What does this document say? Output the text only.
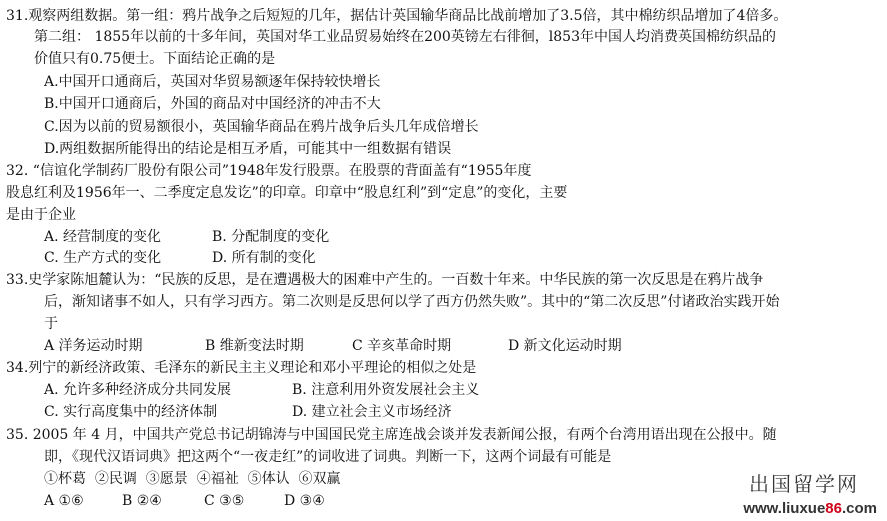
31.观察两组数据。第一组：鸦片战争之后短短的几年，据估计英国输华商品比战前增加了3.5倍，其中棉纺织品增加了4倍多。
第二组： 1855年以前的十多年间，英国对华工业品贸易始终在200英镑左右徘徊，l853年中国人均消费英国棉纺织品的
价值只有0.75便士。下面结论正确的是
A.中国开口通商后，英国对华贸易额逐年保持较快增长
B.中国开口通商后，外国的商品对中国经济的冲击不大
C.因为以前的贸易额很小，英国输华商品在鸦片战争后头几年成倍增长
D.两组数据所能得出的结论是相互矛盾，可能其中一组数据有错误
32. “信谊化学制药厂股份有限公司”1948年发行股票。在股票的背面盖有“1955年度
股息红利及1956年一、二季度定息发讫”的印章。印章中“股息红利”到“定息”的变化，主要
是由于企业
A. 经营制度的变化	B. 分配制度的变化
C. 生产方式的变化	D. 所有制的变化
33.史学家陈旭麓认为：“民族的反思，是在遭遇极大的困难中产生的。一百数十年来。中华民族的第一次反思是在鸦片战争
后，渐知诸事不如人，只有学习西方。第二次则是反思何以学了西方仍然失败”。其中的“第二次反思”付诸政治实践开始
于
A 洋务运动时期	B 维新变法时期	C 辛亥革命时期	D 新文化运动时期
34.列宁的新经济政策、毛泽东的新民主主义理论和邓小平理论的相似之处是
A. 允许多种经济成分共同发展	B. 注意利用外资发展社会主义
C. 实行高度集中的经济体制	D. 建立社会主义市场经济
35. 2005 年 4 月，中国共产党总书记胡锦涛与中国国民党主席连战会谈并发表新闻公报，有两个台湾用语出现在公报中。随
即，《现代汉语词典》把这两个“一夜走红”的词收进了词典。判断一下，这两个词最有可能是
①杯葛  ②民调  ③愿景  ④福祉  ⑤体认  ⑥双赢
A ①⑥	B ②④	C ③⑤	D ③④
出国留学网
www.liuxue86.com
